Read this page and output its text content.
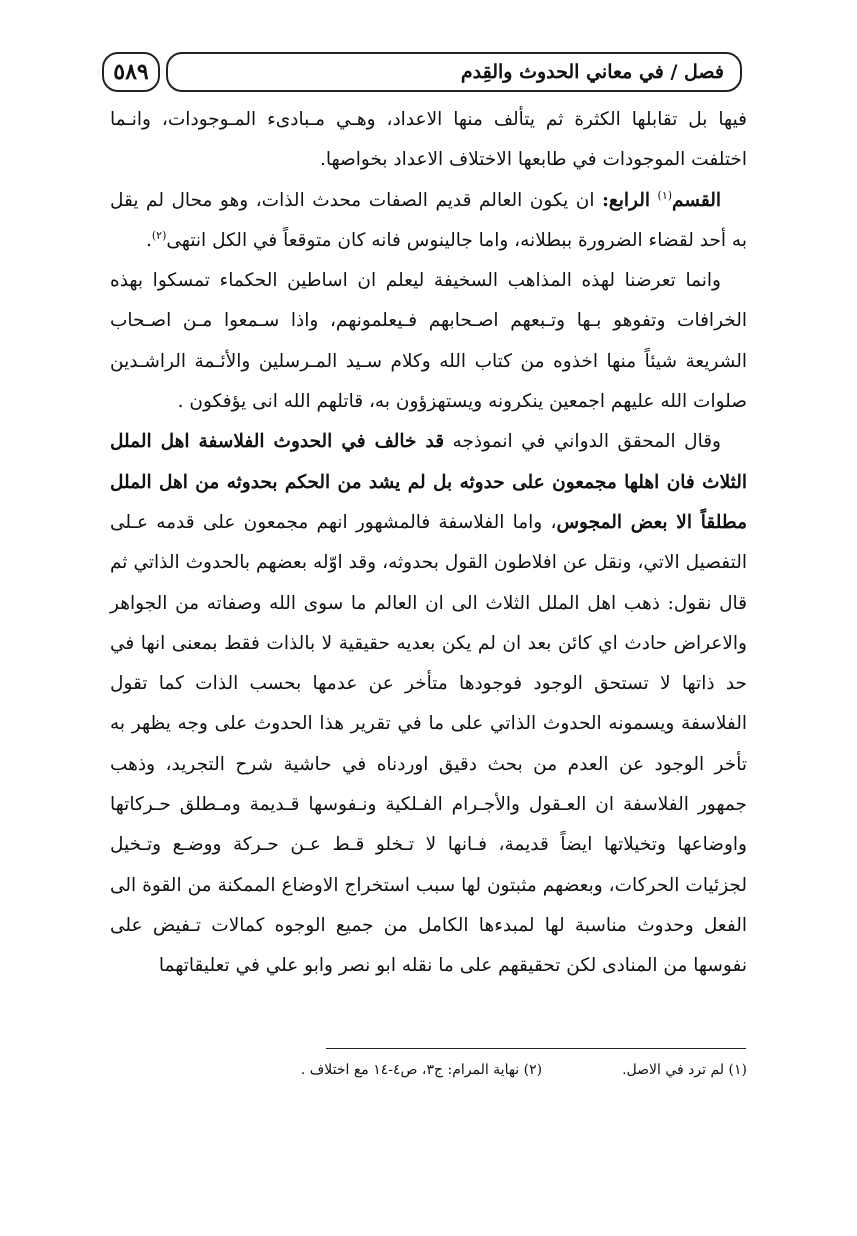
٥٨٩	فصل / في معاني الحدوث والقِدم

فيها بل تقابلها الكثرة ثم يتألف منها الاعداد، وهـي مـبادىء المـوجودات، وانـما اختلفت الموجودات في طابعها الاختلاف الاعداد بخواصها.

القسم$^{(١)}$ الرابع: ان يكون العالم قديم الصفات محدث الذات، وهو محال لم يقل به أحد لقضاء الضرورة ببطلانه، واما جالينوس فانه كان متوقعاً في الكل انتهى$^{(٢)}$.

وانما تعرضنا لهذه المذاهب السخيفة ليعلم ان اساطين الحكماء تمسكوا بهذه الخرافات وتفوهو بـها وتـبعهم اصـحابهم فـيعلمونهم، واذا سـمعوا مـن اصـحاب الشريعة شيئاً منها اخذوه من كتاب الله وكلام سـيد المـرسلين والأئـمة الراشـدين صلوات الله عليهم اجمعين ينكرونه ويستهزؤون به، قاتلهم الله انى يؤفكون .

وقال المحقق الدواني في انموذجه قد خالف في الحدوث الفلاسفة اهل الملل الثلاث فان اهلها مجمعون على حدوثه بل لم يشد من الحكم بحدوثه من اهل الملل مطلقاً الا بعض المجوس، واما الفلاسفة فالمشهور انهم مجمعون على قدمه عـلى التفصيل الاتي، ونقل عن افلاطون القول بحدوثه، وقد اوّله بعضهم بالحدوث الذاتي ثم قال نقول: ذهب اهل الملل الثلاث الى ان العالم ما سوى الله وصفاته من الجواهر والاعراض حادث اي كائن بعد ان لم يكن بعديه حقيقية لا بالذات فقط بمعنى انها في حد ذاتها لا تستحق الوجود فوجودها متأخر عن عدمها بحسب الذات كما تقول الفلاسفة ويسمونه الحدوث الذاتي على ما في تقرير هذا الحدوث على وجه يظهر به تأخر الوجود عن العدم من بحث دقيق اوردناه في حاشية شرح التجريد، وذهب جمهور الفلاسفة ان العـقول والأجـرام الفـلكية ونـفوسها قـديمة ومـطلق حـركاتها واوضاعها وتخيلاتها ايضاً قديمة، فـانها لا تـخلو قـط عـن حـركة ووضـع وتـخيل لجزئيات الحركات، وبعضهم مثبتون لها سبب استخراج الاوضاع الممكنة من القوة الى الفعل وحدوث مناسبة لها لمبدءها الكامل من جميع الوجوه كمالات تـفيض على نفوسها من المنادى لكن تحقيقهم على ما نقله ابو نصر وابو علي في تعليقاتهما

(١) لم ترد في الاصل.
(٢) نهاية المرام: ج٣، ص٤-١٤ مع اختلاف .
